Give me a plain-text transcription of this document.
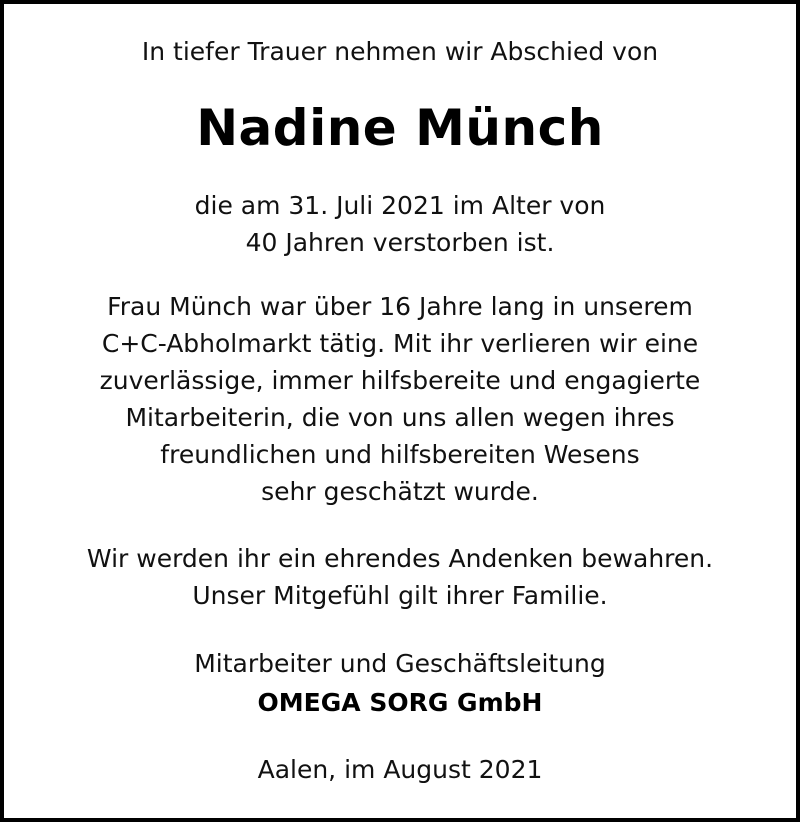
In tiefer Trauer nehmen wir Abschied von
Nadine Münch
die am 31. Juli 2021 im Alter von
40 Jahren verstorben ist.
Frau Münch war über 16 Jahre lang in unserem
C+C-Abholmarkt tätig. Mit ihr verlieren wir eine
zuverlässige, immer hilfsbereite und engagierte
Mitarbeiterin, die von uns allen wegen ihres
freundlichen und hilfsbereiten Wesens
sehr geschätzt wurde.
Wir werden ihr ein ehrendes Andenken bewahren.
Unser Mitgefühl gilt ihrer Familie.
Mitarbeiter und Geschäftsleitung
OMEGA SORG GmbH
Aalen, im August 2021
